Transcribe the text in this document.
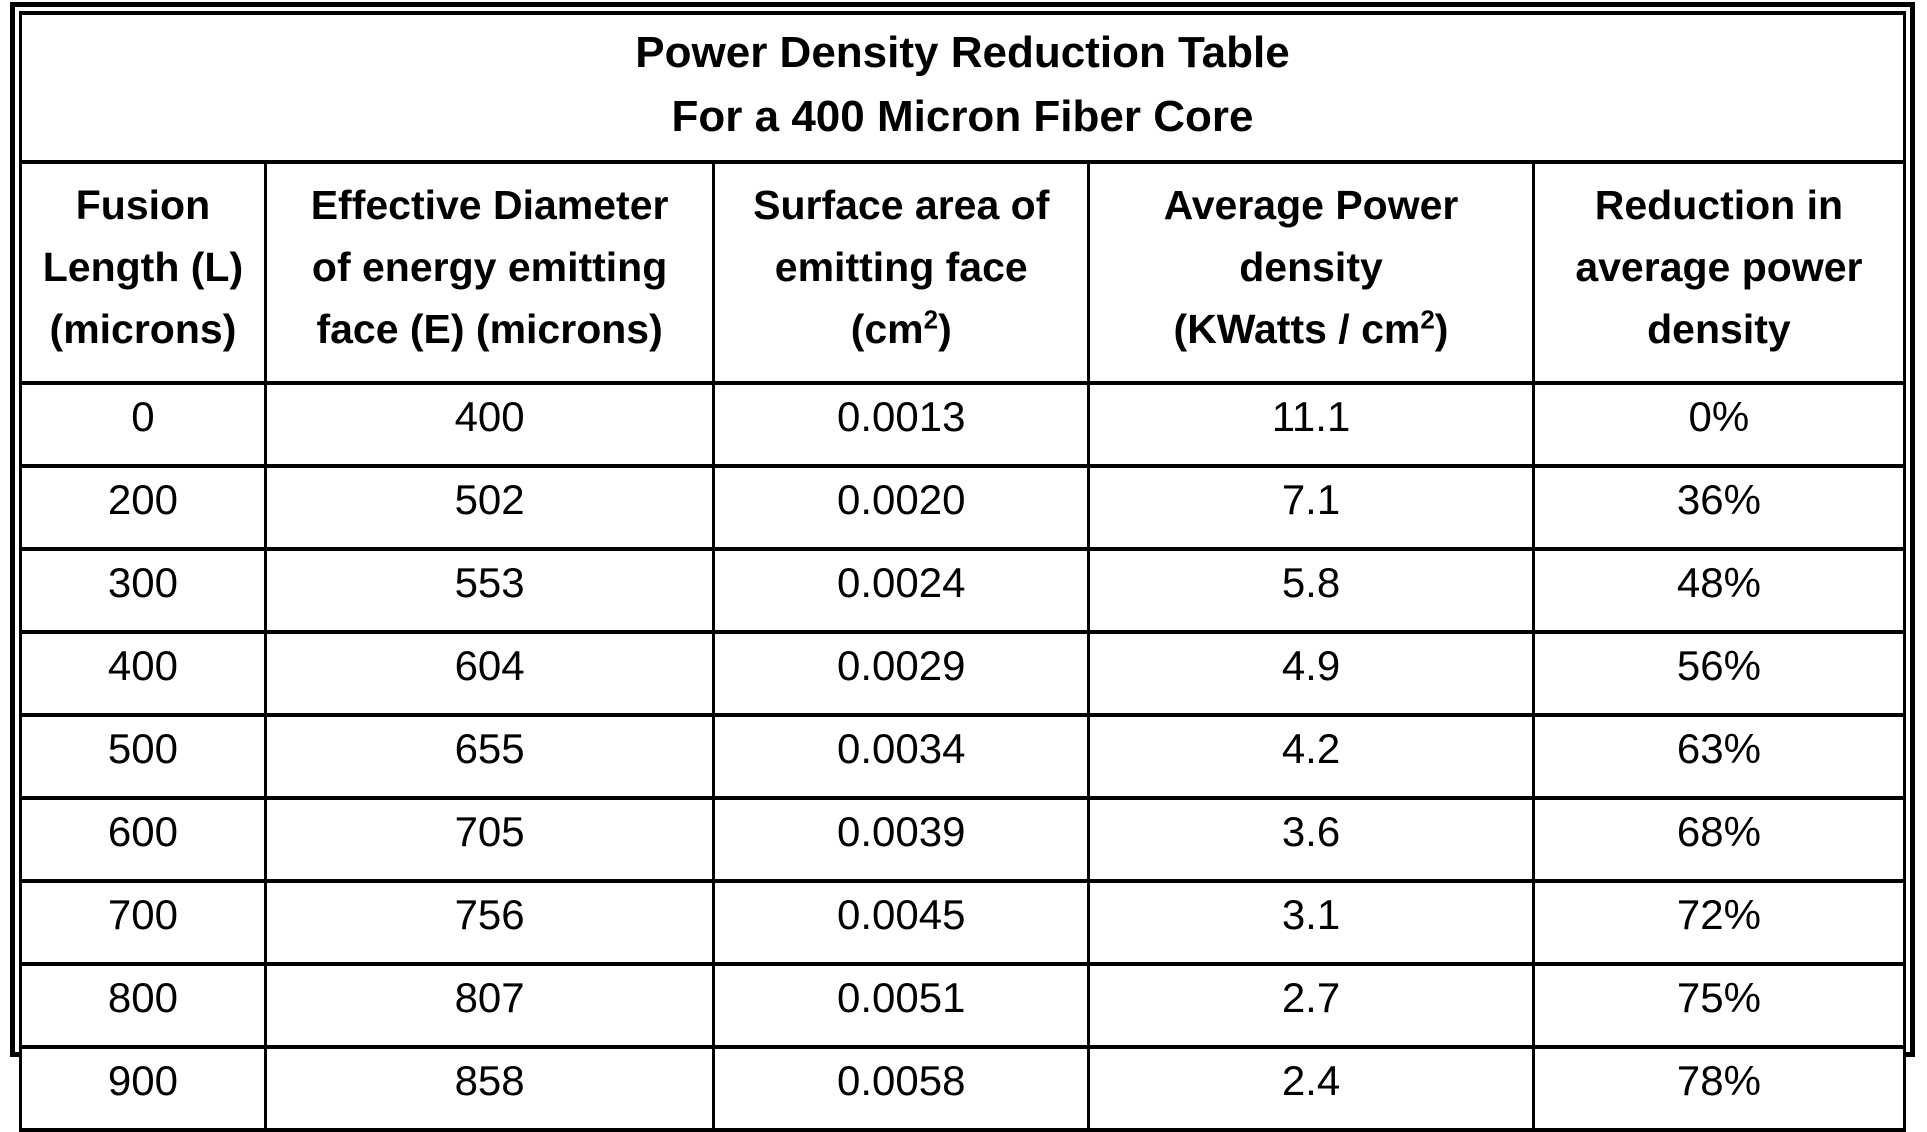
Power Density Reduction Table
For a 400 Micron Fiber Core				

Fusion
Length (L)
(microns)

Effective Diameter
of energy emitting
face (E) (microns)

Surface area of
emitting face
$(cm^2)$

Average Power
density
(KWatts / $cm^2$)

Reduction in
average power
density

0	400	0.0013	11.1	0%
200	502	0.0020	7.1	36%
300	553	0.0024	5.8	48%
400	604	0.0029	4.9	56%
500	655	0.0034	4.2	63%
600	705	0.0039	3.6	68%
700	756	0.0045	3.1	72%
800	807	0.0051	2.7	75%
900	858	0.0058	2.4	78%
